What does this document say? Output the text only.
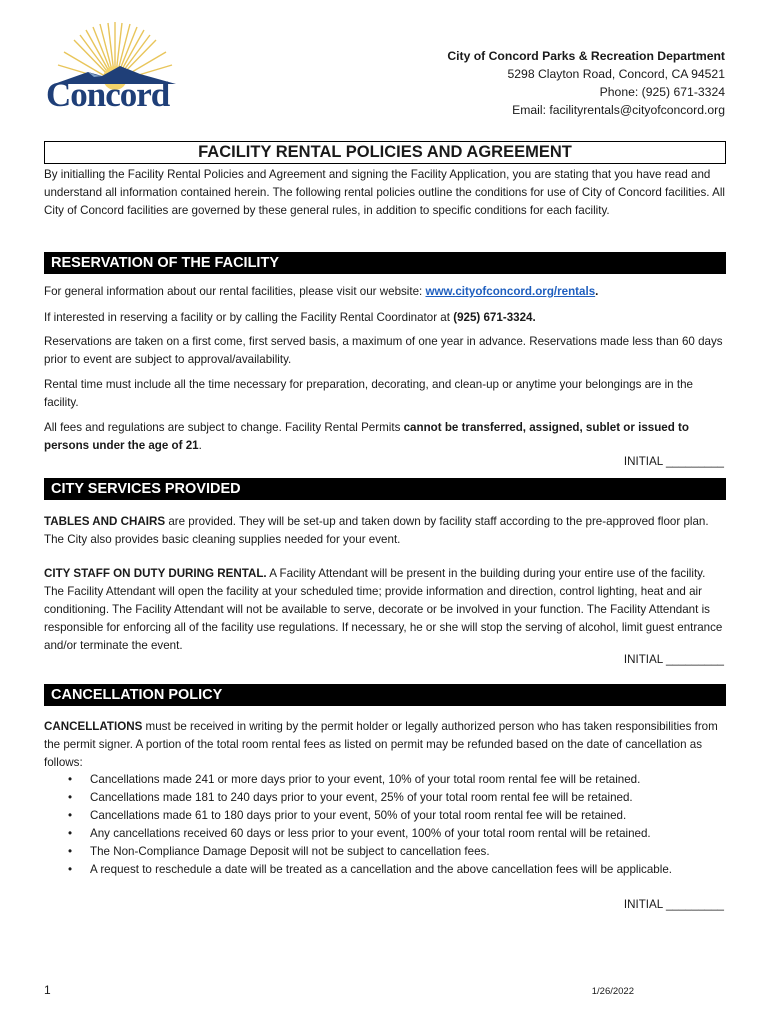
Concord
City of Concord Parks & Recreation Department
5298 Clayton Road, Concord, CA 94521
Phone: (925) 671-3324
Email: facilityrentals@cityofconcord.org
FACILITY RENTAL POLICIES AND AGREEMENT

By initialling the Facility Rental Policies and Agreement and signing the Facility Application, you are stating that you have read and understand all information contained herein. The following rental policies outline the conditions for use of City of Concord facilities. All City of Concord facilities are governed by these general rules, in addition to specific conditions for each facility.

RESERVATION OF THE FACILITY

For general information about our rental facilities, please visit our website: www.cityofconcord.org/rentals.

If interested in reserving a facility or by calling the Facility Rental Coordinator at (925) 671-3324.

Reservations are taken on a first come, first served basis, a maximum of one year in advance. Reservations made less than 60 days prior to event are subject to approval/availability.

Rental time must include all the time necessary for preparation, decorating, and clean-up or anytime your belongings are in the facility.

All fees and regulations are subject to change. Facility Rental Permits cannot be transferred, assigned, sublet or issued to persons under the age of 21.

INITIAL _________
CITY SERVICES PROVIDED

TABLES AND CHAIRS are provided. They will be set-up and taken down by facility staff according to the pre-approved floor plan. The City also provides basic cleaning supplies needed for your event.

CITY STAFF ON DUTY DURING RENTAL. A Facility Attendant will be present in the building during your entire use of the facility. The Facility Attendant will open the facility at your scheduled time; provide information and direction, control lighting, heat and air conditioning. The Facility Attendant will not be available to serve, decorate or be involved in your function. The Facility Attendant is responsible for enforcing all of the facility use regulations. If necessary, he or she will stop the serving of alcohol, limit guest entrance and/or terminate the event.

INITIAL _________
CANCELLATION POLICY

CANCELLATIONS must be received in writing by the permit holder or legally authorized person who has taken responsibilities from the permit signer. A portion of the total room rental fees as listed on permit may be refunded based on the date of cancellation as follows:

• Cancellations made 241 or more days prior to your event, 10% of your total room rental fee will be retained.
• Cancellations made 181 to 240 days prior to your event, 25% of your total room rental fee will be retained.
• Cancellations made 61 to 180 days prior to your event, 50% of your total room rental fee will be retained.
• Any cancellations received 60 days or less prior to your event, 100% of your total room rental will be retained.
• The Non-Compliance Damage Deposit will not be subject to cancellation fees.
• A request to reschedule a date will be treated as a cancellation and the above cancellation fees will be applicable.
INITIAL _________
1	1/26/2022
